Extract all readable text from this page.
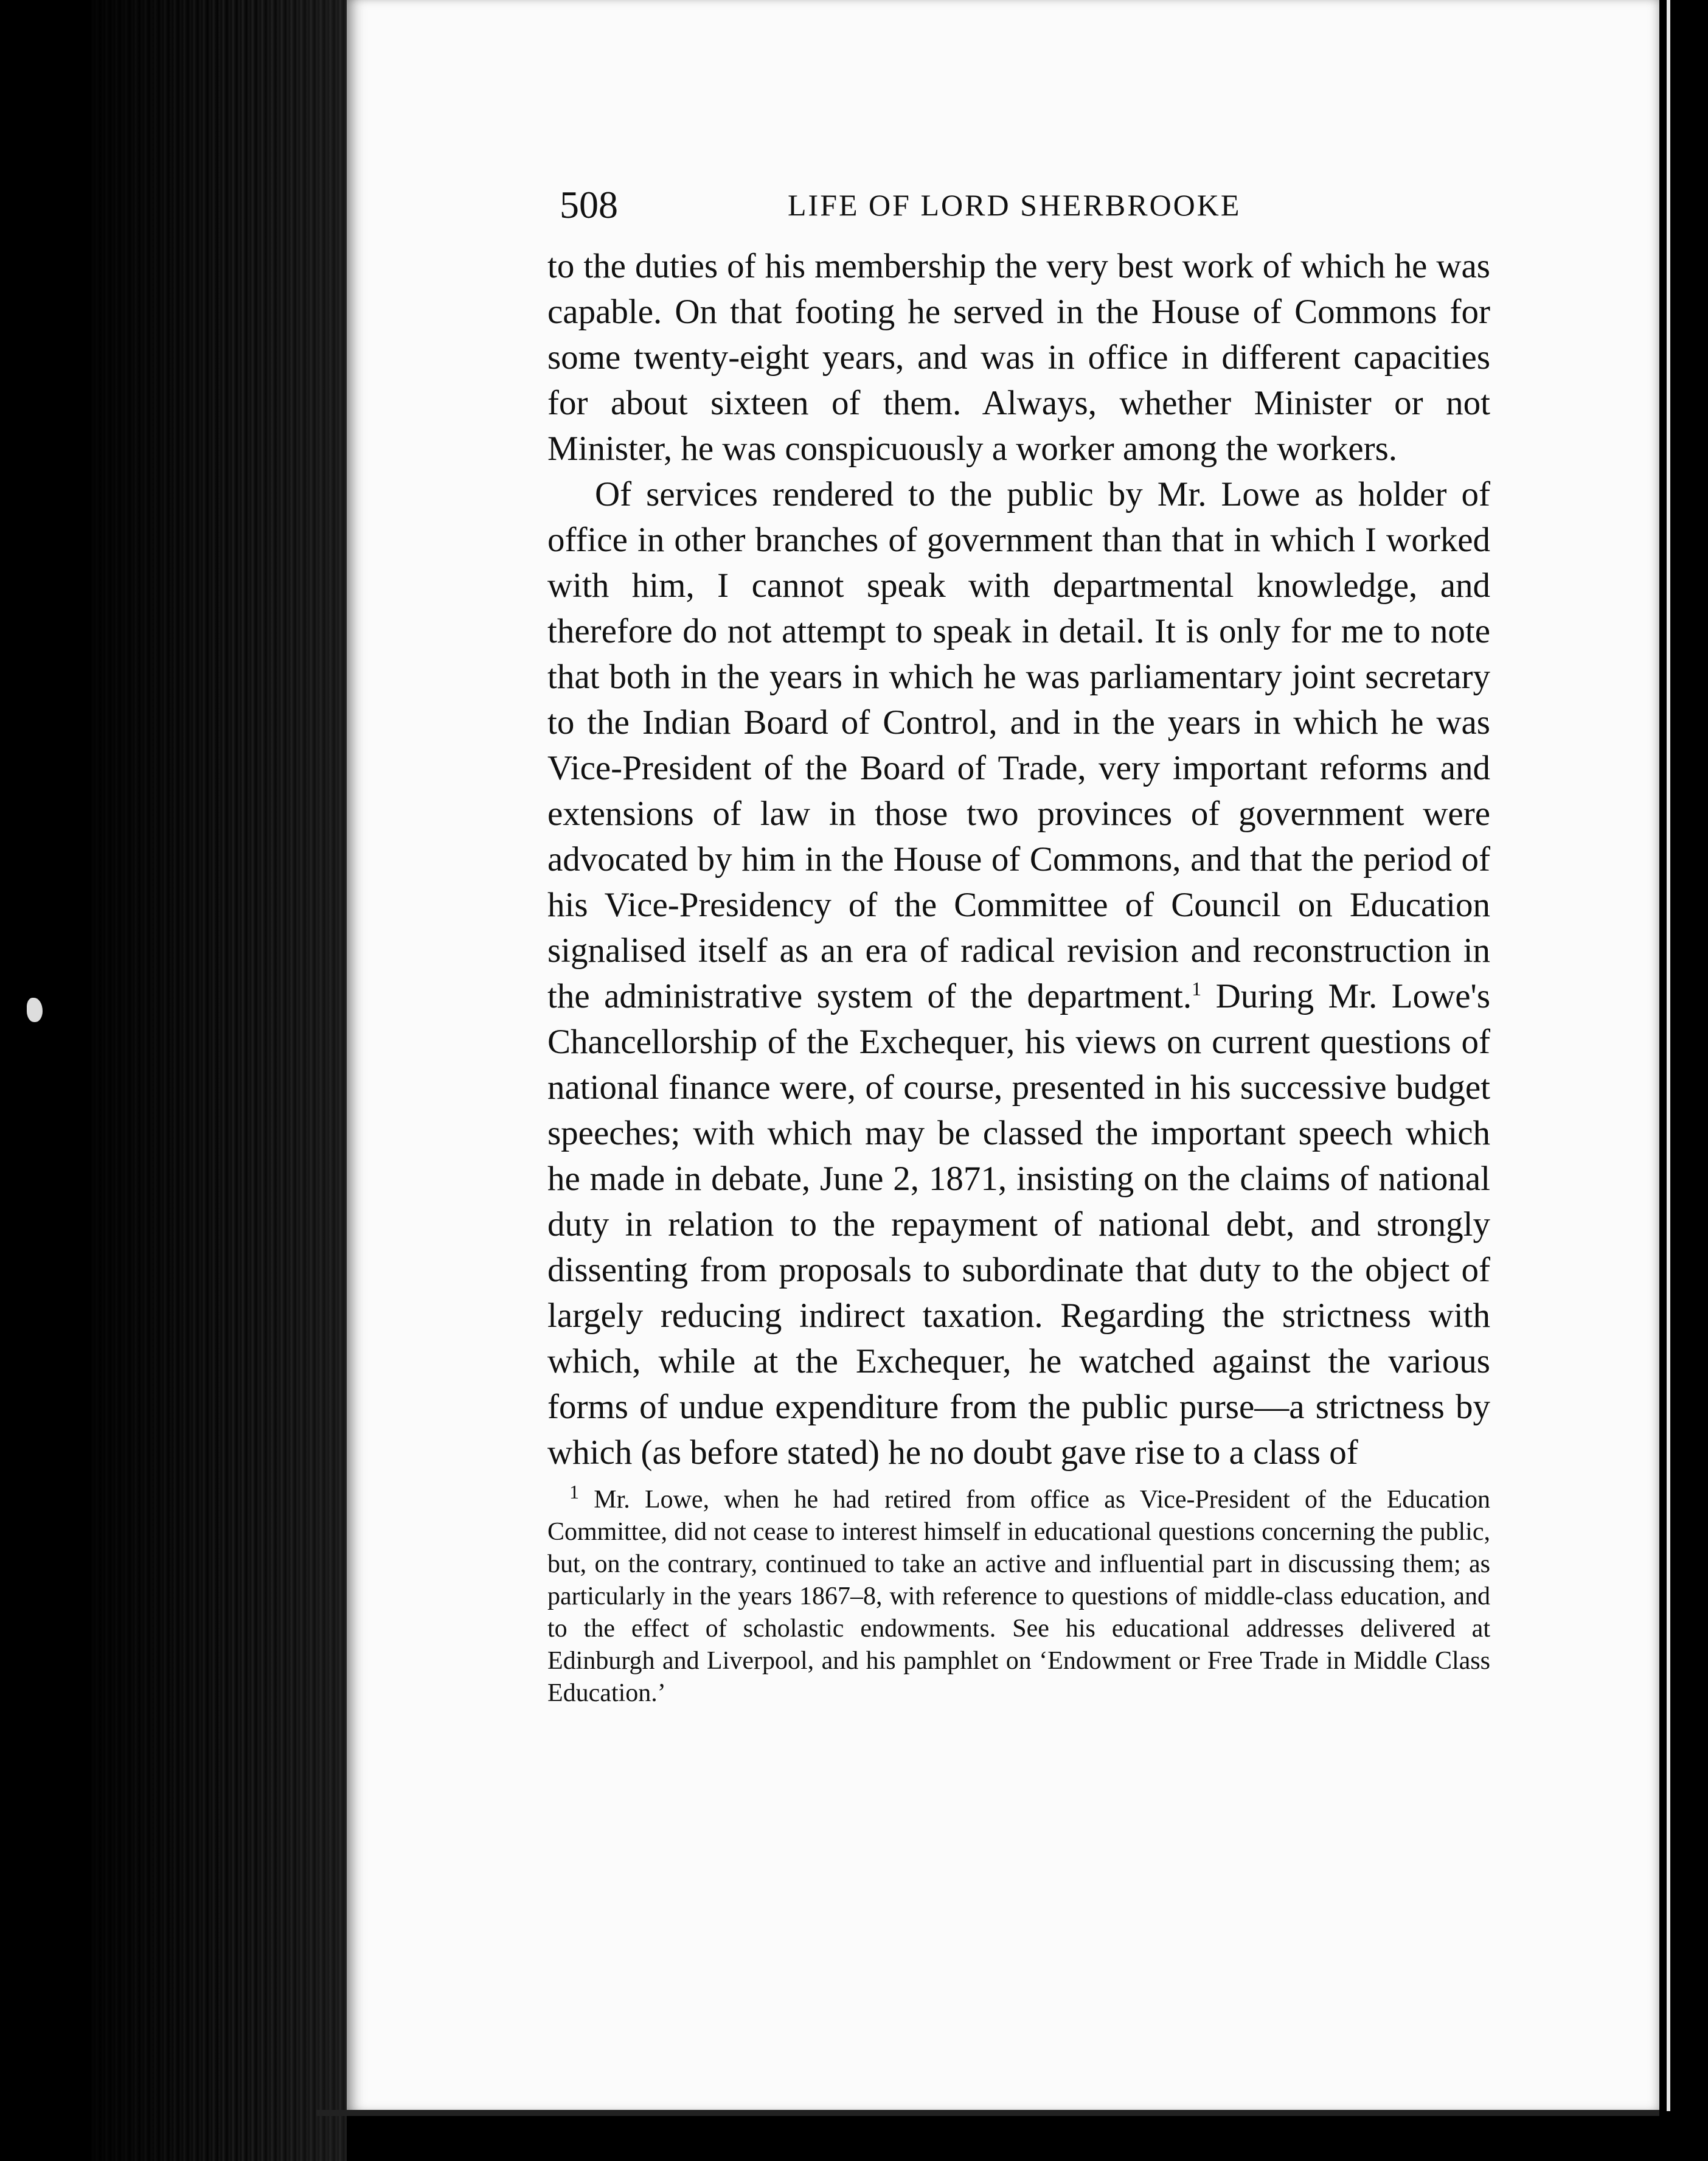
508	LIFE OF LORD SHERBROOKE

to the duties of his membership the very best work of which he was capable. On that footing he served in the House of Commons for some twenty-eight years, and was in office in different capacities for about sixteen of them. Always, whether Minister or not Minister, he was conspicuously a worker among the workers.

Of services rendered to the public by Mr. Lowe as holder of office in other branches of government than that in which I worked with him, I cannot speak with departmental knowledge, and therefore do not attempt to speak in detail. It is only for me to note that both in the years in which he was parliamentary joint secretary to the Indian Board of Control, and in the years in which he was Vice-President of the Board of Trade, very important reforms and extensions of law in those two provinces of government were advocated by him in the House of Commons, and that the period of his Vice-Presidency of the Committee of Council on Education signalised itself as an era of radical revision and reconstruction in the administrative system of the department.$^1$ During Mr. Lowe's Chancellorship of the Exchequer, his views on current questions of national finance were, of course, presented in his successive budget speeches; with which may be classed the important speech which he made in debate, June 2, 1871, insisting on the claims of national duty in relation to the repayment of national debt, and strongly dissenting from proposals to subordinate that duty to the object of largely reducing indirect taxation. Regarding the strictness with which, while at the Exchequer, he watched against the various forms of undue expenditure from the public purse—a strictness by which (as before stated) he no doubt gave rise to a class of

$^1$ Mr. Lowe, when he had retired from office as Vice-President of the Education Committee, did not cease to interest himself in educational questions concerning the public, but, on the contrary, continued to take an active and influential part in discussing them; as particularly in the years 1867–8, with reference to questions of middle-class education, and to the effect of scholastic endowments. See his educational addresses delivered at Edinburgh and Liverpool, and his pamphlet on ‘Endowment or Free Trade in Middle Class Education.’
